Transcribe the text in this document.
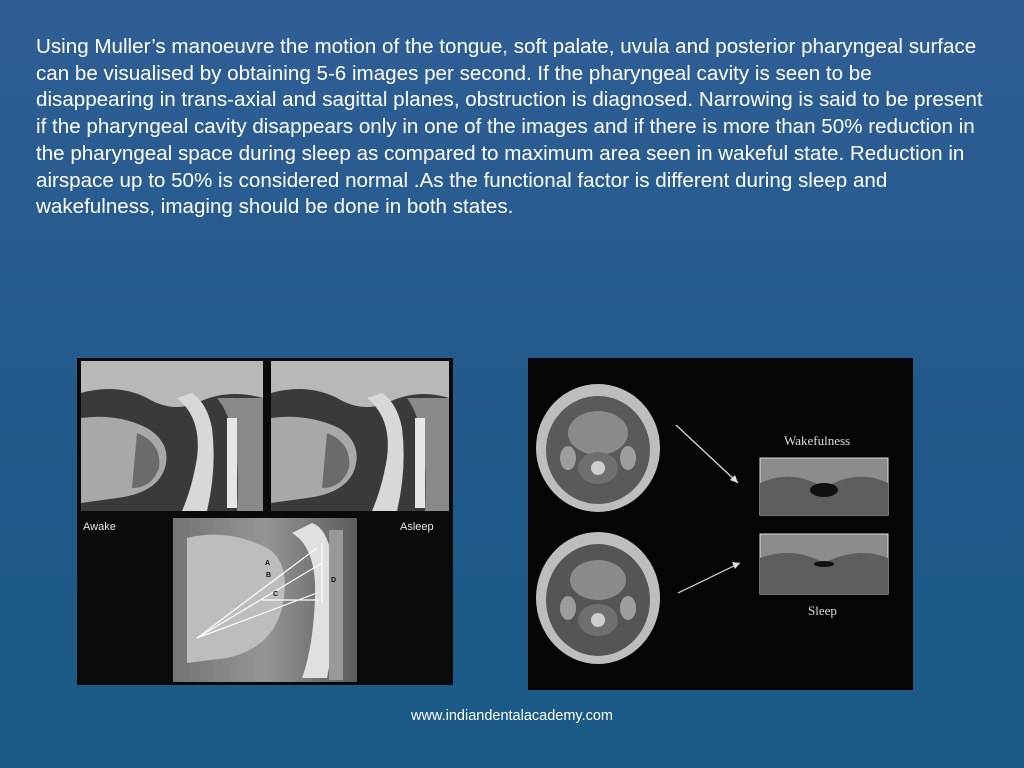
Using Muller’s manoeuvre the motion of the tongue, soft palate, uvula and posterior pharyngeal surface can be visualised by obtaining 5-6 images per second. If the pharyngeal cavity is seen to be disappearing in trans-axial and sagittal planes, obstruction is diagnosed. Narrowing is said to be present if the pharyngeal cavity disappears only in one of the images and if there is more than 50% reduction in the pharyngeal space during sleep as compared to maximum area seen in wakeful state. Reduction in airspace up to 50% is considered normal .As the functional factor is different during sleep and wakefulness, imaging should be done in both states.

Awake	Asleep
A
B
C
D
Wakefulness
Sleep
www.indiandentalacademy.com
